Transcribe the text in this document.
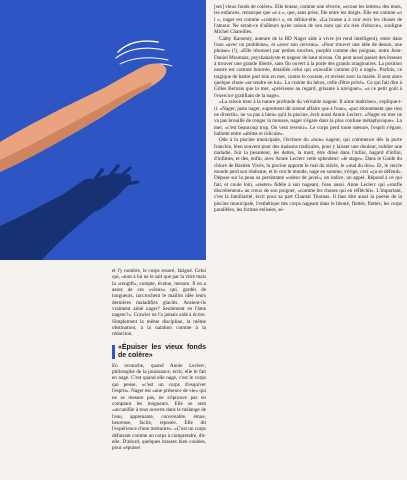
[ses] vieux fonds de colère». Elle brasse, comme une rêverie, «ecoue les lettres» des mots, les enfances, remarque que «e a », que, sans prise, file entre les doigts. Elle est comme «o i », nager est comme «comm-i », en débiut-elle. «La brasse a à voir avec les choses de l'amour. Ne serait-ce d'ailleurs qu'en raison de son nom qui n'a rien d'obscur», souligne Michel Chareilles.

Cathy Karsenty, auteure de la BD Nager aide à vivre (et rend intelligent), entre dans l'eau «avec un problème», et «avec son cerveau». «Pour trouver une idée de dessin, une phrase» (!), «Elle résonne) par petites touches, porphit comme des poignas, notre Jean-Daniel Mounnaz, psychanalyste et nageur de haut niveau. On peut aussi passer des brasses à trouver une grande liberté, sans fin ouvert à la porte des grands imaginaires. La position neutre est comme bourrée, détaillée celui qui «travaille comme (il) a nagé». Parfois, ce tragique de battre part loin en mer, contre le courant, et revient avec la marée. Il sent alors quelque chose «se tendre en lui». La crainte du héros, celle d'être privé». Ce qui fait dire à Gilles Bernais que la mer, «précieuse au regard, grisante à naviguer», «a ce petit goût à l'exercice gratifiant de la nage».

«La raison tient à la nature profonde du véritable nageur. Il aime maîtriser», explique-t-il. «Nager, juste nager, suprement dit sienné affaire que à l'eau», «pur étonnement que rien ne divertit», ne va pas à bien» qu'à la piscine, écrit aussi Annie Leclerc. «Nager en mer ne va pas brouillé de ronger la mousse, nager s'égare dans la plus confuse métaphysique». La mer, «c'est beaucoup trop. On veut revenir». Le corps perd toute mesure, l'esprit s'égare, ballotté entre «abîme et ridicule».

Ode à la piscine municipale, l'écriture du «bon» nageur, qui commence dès la porte franchie, bien souvent pour des maisons tradicales, pour y laisser une douleur, oublier une maladie, fuir la pesanteur, les dettes, la mort, être dilué dans l'infini, hagard d'infini, d'infimes, et des, enfin, avec Annie Leclerc cette splendeur: «le stage». Dans le Guide du chlore de Bastien Vivès, la piscine apporte le mal du siècle, le «mal du dos». Et, le cercle monde perd son réalisme, et le cercle monde, nage en somme, s'érige, ceci «ça se défend». Dépose sur la peau sa persistante «odeur de javel», un indice, un appel. Répond à ce qui fait, et coule loin, «rester» fidèle à son nageant, l'eau aussi. Anne Leclerc qui «ronfle discrètement» au creux de son poignet, «comme les choses qui en réfléchit». L'important, c'est la familiarité, écrit pour sa part Chantal Thomas. Il faut dire aussi la poésie de la piscine municipale, l'esthétique des corps nageant dans le bleuté, flottés, flottés; les corps parallèles, les formes enlisées, sé-

et l'y nombre, le corps essoré, fatigué. Celui qui, «tout à lui ne le sait que par la vitre mais la «rengift», compte, évalue, mesure. Il en a assez de ces «vieux» qui, gardés de longueurs, raccrochent le maillot idée leurs dernières maladifiés glaciés. Avaient-ils vraiment aimé nager? Seulement en l'âme nageur?». Crawler ne l'a jamais aidé à écrire. Simplement la même discipline, la même obstination, à la natation comme à la rédaction.

«Épuiser les vieux fonds de colère»

En revanche, quand Annie Leclerc, philosophe de la jouissance, écrit, elle le fait en nage. C'est quand elle nage, c'est le corps qui pense, «c'est un corps d'esquiver l'esprit». Nager est «une présence de vie» qui ne se mesure pas, ne s'éprouve pas en comptant les longueurs. Elle se sent «accueillie à tous ouverts dans le mélange de l'eau, apprenante, convenable, émue, heureuse, facile, reposée. Elle dit l'expérience d'une mémoire». «C'est un corps défaisant comme un corps à comprendre, dit-elle. D'abord, quelques brasses bien coulées, pour «épuiser
